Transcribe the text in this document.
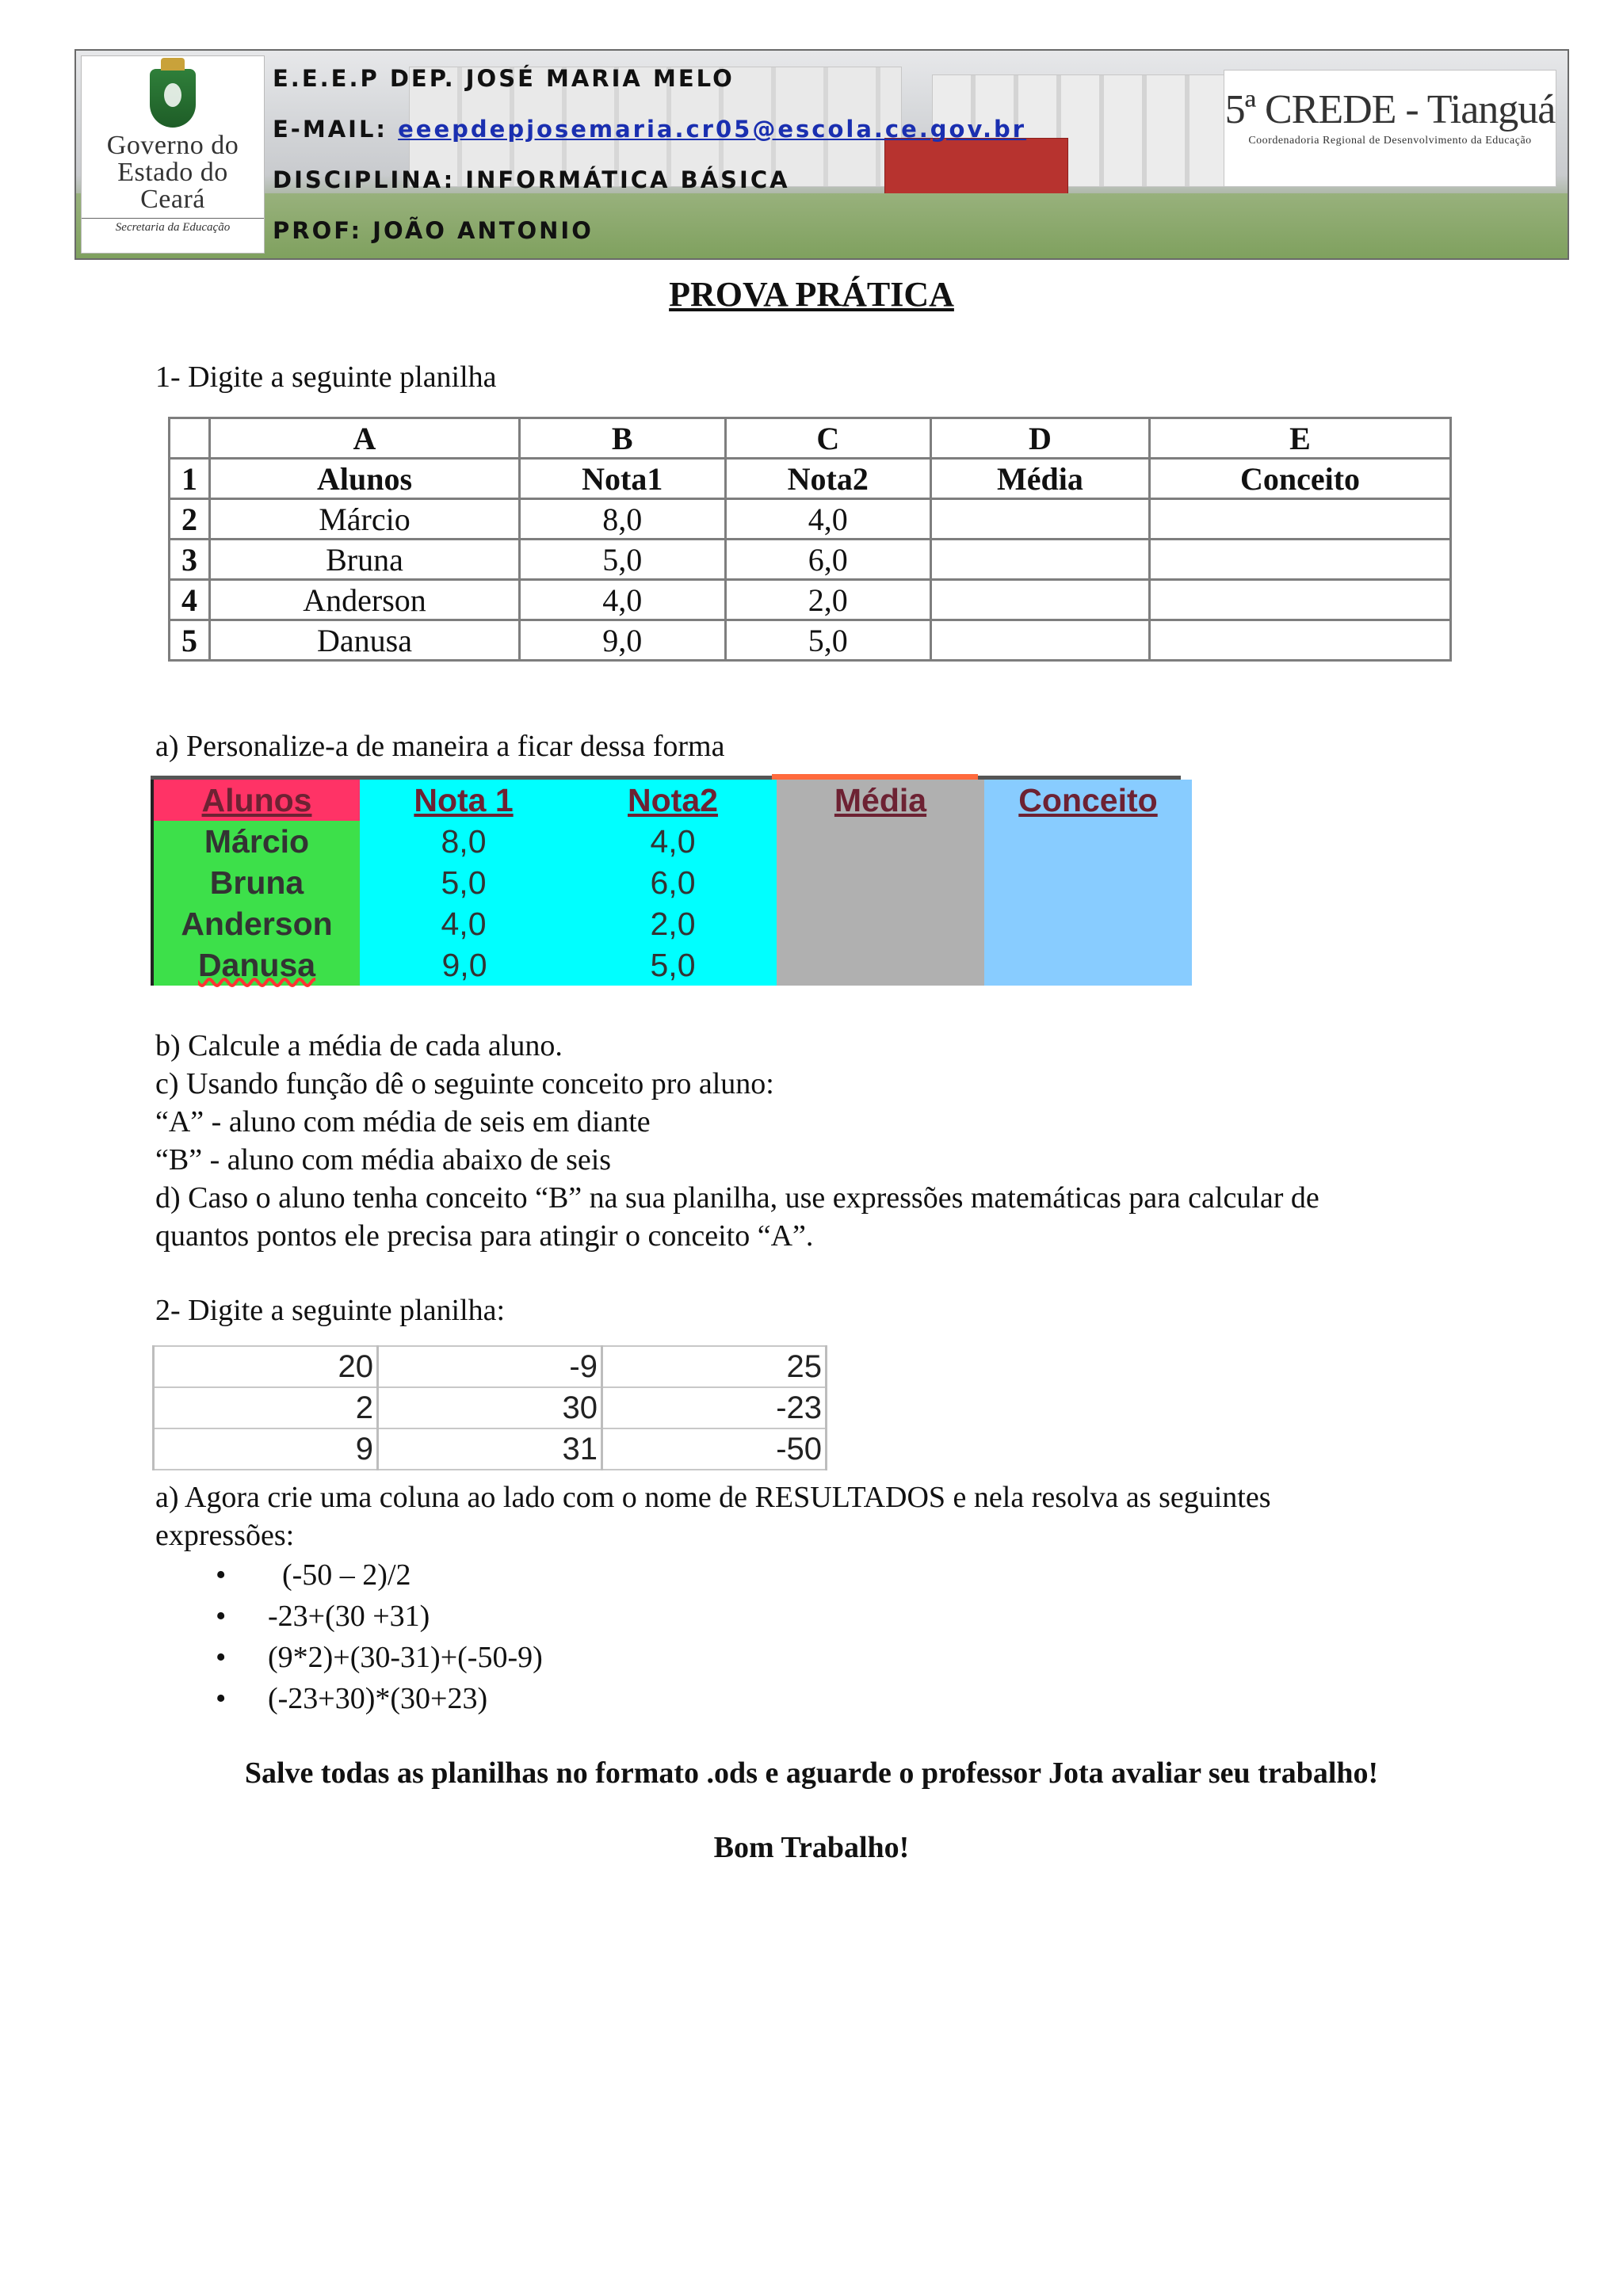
Governo do
Estado do Ceará
Secretaria da Educação
E.E.E.P DEP. JOSÉ MARIA MELO
E-MAIL: eeepdepjosemaria.cr05@escola.ce.gov.br
DISCIPLINA: INFORMÁTICA BÁSICA
PROF: JOÃO ANTONIO
5ª CREDE - Tianguá
Coordenadoria Regional de Desenvolvimento da Educação
PROVA PRÁTICA
1- Digite a seguinte planilha
	A	B	C	D	E
1	Alunos	Nota1	Nota2	Média	Conceito
2	Márcio	8,0	4,0		
3	Bruna	5,0	6,0		
4	Anderson	4,0	2,0		
5	Danusa	9,0	5,0		
a) Personalize-a de maneira a ficar dessa forma
Alunos	Nota 1	Nota2	Média	Conceito
Márcio	8,0	4,0		
Bruna	5,0	6,0		
Anderson	4,0	2,0		
Danusa	9,0	5,0		
b) Calcule a média de cada aluno.
c) Usando função dê o seguinte conceito pro aluno:
“A” - aluno com média de seis em diante
“B” - aluno com média abaixo de seis
d) Caso o aluno tenha conceito “B” na sua planilha, use expressões matemáticas para calcular de
quantos pontos ele precisa para atingir o conceito “A”.
2- Digite a seguinte planilha:
20	-9	25
2	30	-23
9	31	-50
a) Agora crie uma coluna ao lado com o nome de RESULTADOS e nela resolva as seguintes
expressões:
• (-50 – 2)/2
• -23+(30 +31)
• (9*2)+(30-31)+(-50-9)
• (-23+30)*(30+23)
Salve todas as planilhas no formato .ods e aguarde o professor Jota avaliar seu trabalho!
Bom Trabalho!
